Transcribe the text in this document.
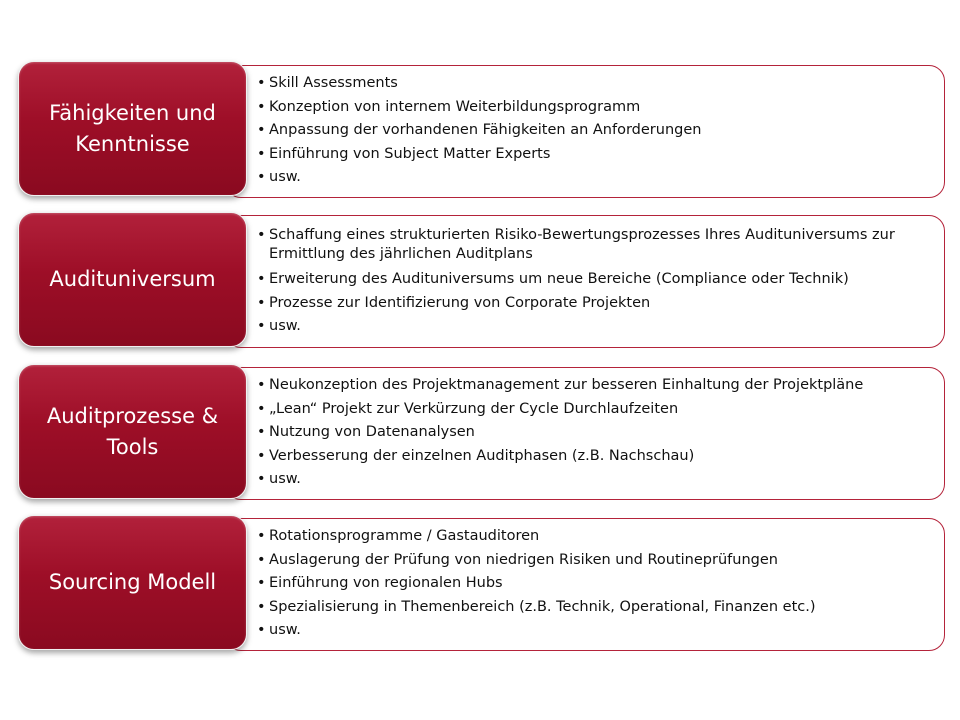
• Skill Assessments
• Konzeption von internem Weiterbildungsprogramm
• Anpassung der vorhandenen Fähigkeiten an Anforderungen
• Einführung von Subject Matter Experts
• usw.
Fähigkeiten und Kenntnisse
• Schaffung eines strukturierten Risiko-Bewertungsprozesses Ihres Audituniversums zur Ermittlung des jährlichen Auditplans
• Erweiterung des Audituniversums um neue Bereiche (Compliance oder Technik)
• Prozesse zur Identifizierung von Corporate Projekten
• usw.
Audituniversum
• Neukonzeption des Projektmanagement zur besseren Einhaltung der Projektpläne
• „Lean“ Projekt zur Verkürzung der Cycle Durchlaufzeiten
• Nutzung von Datenanalysen
• Verbesserung der einzelnen Auditphasen (z.B. Nachschau)
• usw.
Auditprozesse & Tools
• Rotationsprogramme / Gastauditoren
• Auslagerung der Prüfung von niedrigen Risiken und Routineprüfungen
• Einführung von regionalen Hubs
• Spezialisierung in Themenbereich (z.B. Technik, Operational, Finanzen etc.)
• usw.
Sourcing Modell
